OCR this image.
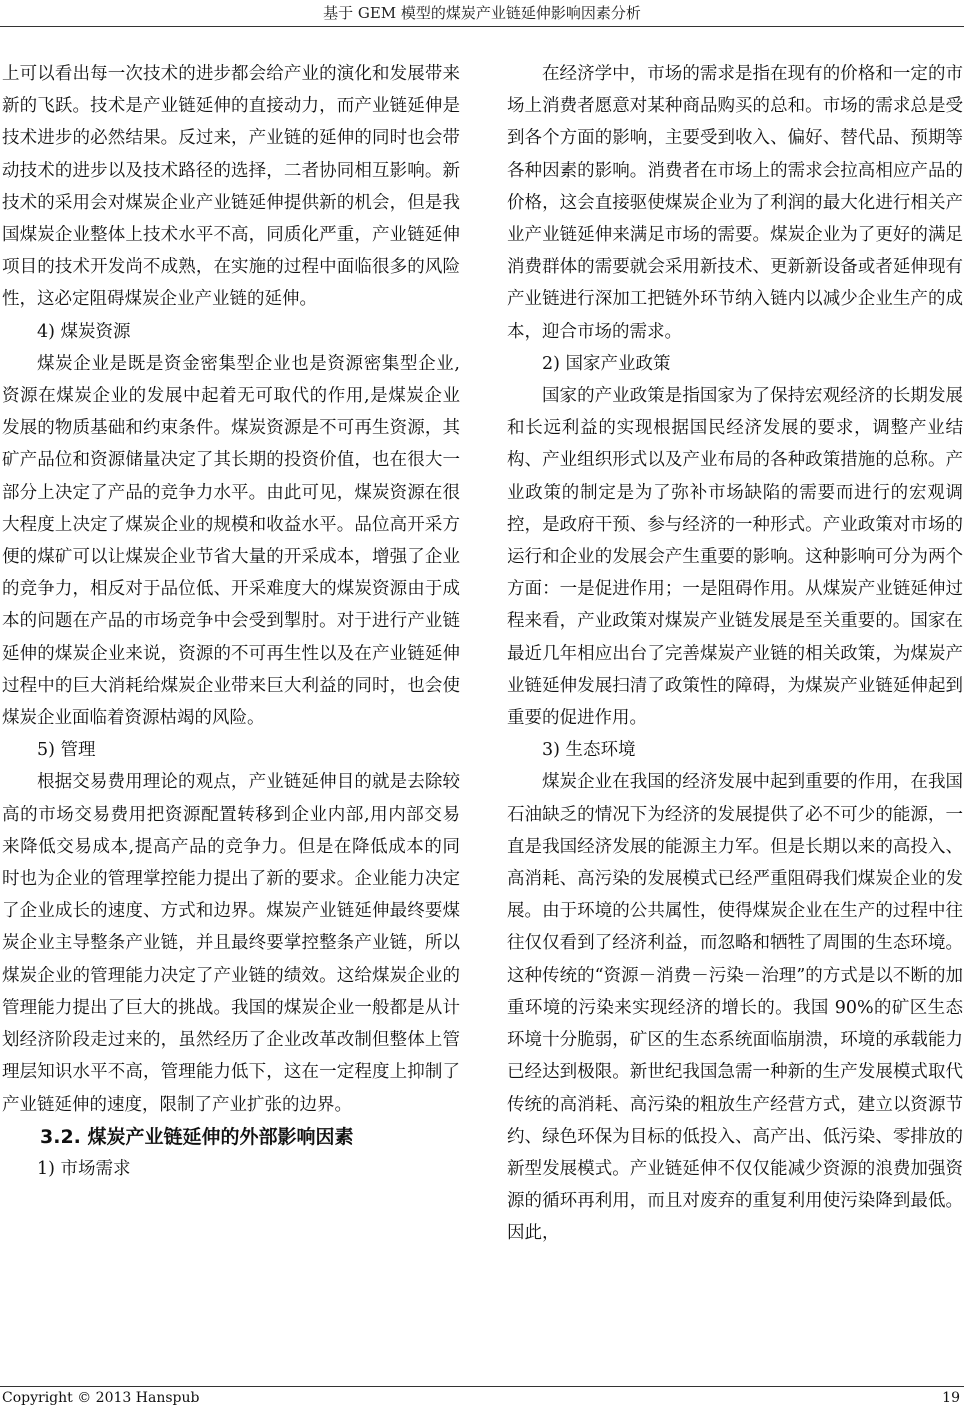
基于 GEM 模型的煤炭产业链延伸影响因素分析

上可以看出每一次技术的进步都会给产业的演化和发展带来新的飞跃。技术是产业链延伸的直接动力，而产业链延伸是技术进步的必然结果。反过来，产业链的延伸的同时也会带动技术的进步以及技术路径的选择，二者协同相互影响。新技术的采用会对煤炭企业产业链延伸提供新的机会，但是我国煤炭企业整体上技术水平不高，同质化严重，产业链延伸项目的技术开发尚不成熟，在实施的过程中面临很多的风险性，这必定阻碍煤炭企业产业链的延伸。

4) 煤炭资源

煤炭企业是既是资金密集型企业也是资源密集型企业,资源在煤炭企业的发展中起着无可取代的作用,是煤炭企业发展的物质基础和约束条件。煤炭资源是不可再生资源，其矿产品位和资源储量决定了其长期的投资价值，也在很大一部分上决定了产品的竞争力水平。由此可见，煤炭资源在很大程度上决定了煤炭企业的规模和收益水平。品位高开采方便的煤矿可以让煤炭企业节省大量的开采成本，增强了企业的竞争力，相反对于品位低、开采难度大的煤炭资源由于成本的问题在产品的市场竞争中会受到掣肘。对于进行产业链延伸的煤炭企业来说，资源的不可再生性以及在产业链延伸过程中的巨大消耗给煤炭企业带来巨大利益的同时，也会使煤炭企业面临着资源枯竭的风险。

5) 管理

根据交易费用理论的观点，产业链延伸目的就是去除较高的市场交易费用把资源配置转移到企业内部,用内部交易来降低交易成本,提高产品的竞争力。但是在降低成本的同时也为企业的管理掌控能力提出了新的要求。企业能力决定了企业成长的速度、方式和边界。煤炭产业链延伸最终要煤炭企业主导整条产业链，并且最终要掌控整条产业链，所以煤炭企业的管理能力决定了产业链的绩效。这给煤炭企业的管理能力提出了巨大的挑战。我国的煤炭企业一般都是从计划经济阶段走过来的，虽然经历了企业改革改制但整体上管理层知识水平不高，管理能力低下，这在一定程度上抑制了产业链延伸的速度，限制了产业扩张的边界。

3.2. 煤炭产业链延伸的外部影响因素

1) 市场需求

在经济学中，市场的需求是指在现有的价格和一定的市场上消费者愿意对某种商品购买的总和。市场的需求总是受到各个方面的影响，主要受到收入、偏好、替代品、预期等各种因素的影响。消费者在市场上的需求会拉高相应产品的价格，这会直接驱使煤炭企业为了利润的最大化进行相关产业产业链延伸来满足市场的需要。煤炭企业为了更好的满足消费群体的需要就会采用新技术、更新新设备或者延伸现有产业链进行深加工把链外环节纳入链内以减少企业生产的成本，迎合市场的需求。

2) 国家产业政策

国家的产业政策是指国家为了保持宏观经济的长期发展和长远利益的实现根据国民经济发展的要求，调整产业结构、产业组织形式以及产业布局的各种政策措施的总称。产业政策的制定是为了弥补市场缺陷的需要而进行的宏观调控，是政府干预、参与经济的一种形式。产业政策对市场的运行和企业的发展会产生重要的影响。这种影响可分为两个方面：一是促进作用；一是阻碍作用。从煤炭产业链延伸过程来看，产业政策对煤炭产业链发展是至关重要的。国家在最近几年相应出台了完善煤炭产业链的相关政策，为煤炭产业链延伸发展扫清了政策性的障碍，为煤炭产业链延伸起到重要的促进作用。

3) 生态环境

煤炭企业在我国的经济发展中起到重要的作用，在我国石油缺乏的情况下为经济的发展提供了必不可少的能源，一直是我国经济发展的能源主力军。但是长期以来的高投入、高消耗、高污染的发展模式已经严重阻碍我们煤炭企业的发展。由于环境的公共属性，使得煤炭企业在生产的过程中往往仅仅看到了经济利益，而忽略和牺牲了周围的生态环境。这种传统的“资源－消费－污染－治理”的方式是以不断的加重环境的污染来实现经济的增长的。我国 90%的矿区生态环境十分脆弱，矿区的生态系统面临崩溃，环境的承载能力已经达到极限。新世纪我国急需一种新的生产发展模式取代传统的高消耗、高污染的粗放生产经营方式，建立以资源节约、绿色环保为目标的低投入、高产出、低污染、零排放的新型发展模式。产业链延伸不仅仅能减少资源的浪费加强资源的循环再利用，而且对废弃的重复利用使污染降到最低。因此，

Copyright © 2013 Hanspub	19
